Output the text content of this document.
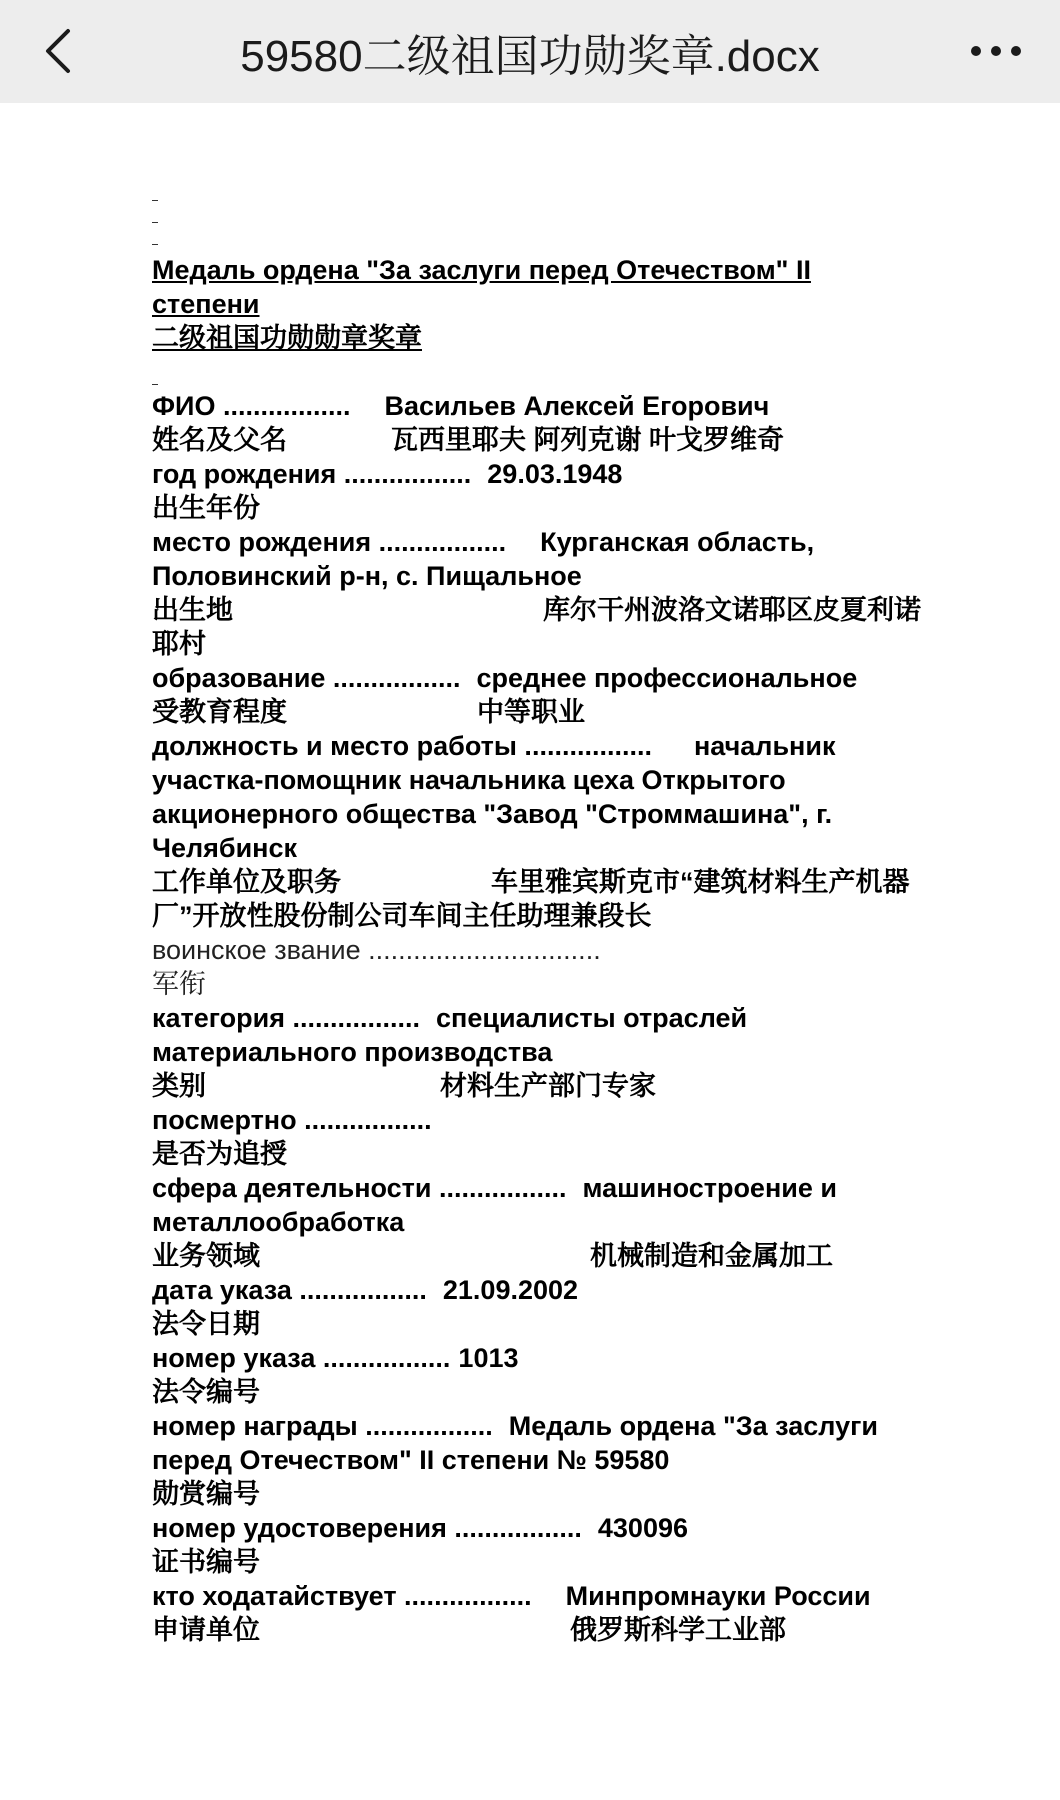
59580二级祖国功勋奖章.docx
Медаль ордена "За заслуги перед Отечеством" II
степени
二级祖国功勋勋章奖章

ФИО ................. Васильев Алексей Егорович

姓名及父名	瓦西里耶夫 阿列克谢 叶戈罗维奇

год рождения ................. 29.03.1948

出生年份

место рождения ................. Курганская область,

Половинский р-н, с. Пищальное

出生地	库尔干州波洛文诺耶区皮夏利诺

耶村

образование ................. среднее профессиональное

受教育程度	中等职业

должность и место работы ................. начальник

участка-помощник начальника цеха Открытого

акционерного общества "Завод "Строммашина", г.

Челябинск

工作单位及职务	车里雅宾斯克市“建筑材料生产机器

厂”开放性股份制公司车间主任助理兼段长

воинское звание ...............................

军衔

категория ................. специалисты отраслей

материального производства

类别	材料生产部门专家

посмертно .................

是否为追授

сфера деятельности ................. машиностроение и

металлообработка

业务领域	机械制造和金属加工

дата указа ................. 21.09.2002

法令日期

номер указа ................. 1013

法令编号

номер награды ................. Медаль ордена "За заслуги

перед Отечеством" II степени № 59580

勋赏编号

номер удостоверения ................. 430096

证书编号

кто ходатайствует ................. Минпромнауки России

申请单位	俄罗斯科学工业部
